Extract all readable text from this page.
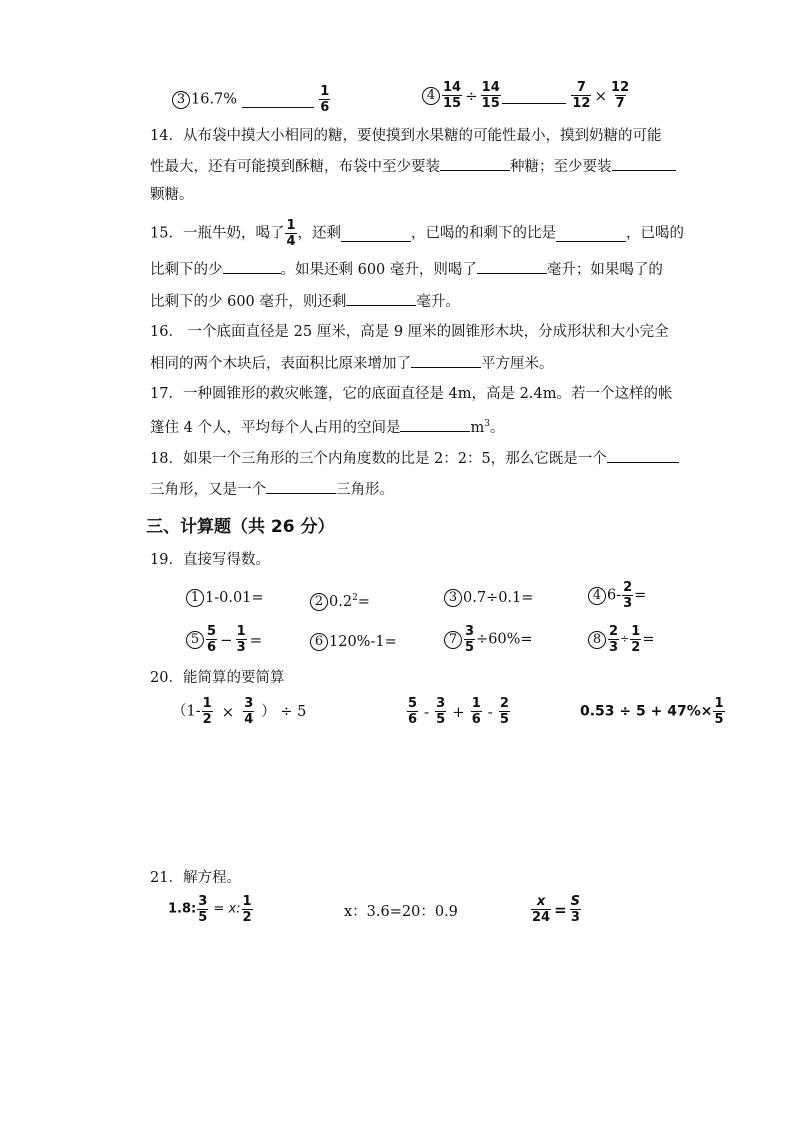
3 16.7%	$\frac{1}{6}$	$4 \frac{14}{15} \div \frac{14}{15}$
	$\frac{7}{12} \times \frac{12}{7}$
14．从布袋中摸大小相同的糖，要使摸到水果糖的可能性最小，摸到奶糖的可能
性最大，还有可能摸到酥糖，布袋中至少要装	种糖；至少要装
颗糖。
15．一瓶牛奶，喝了 $\frac{1}{4}$ ，还剩	，已喝的和剩下的比是	，已喝的
比剩下的少	。如果还剩 600 毫升，则喝了	毫升；如果喝了的
比剩下的少 600 毫升，则还剩	毫升。
16． 一个底面直径是 25 厘米，高是 9 厘米的圆锥形木块，分成形状和大小完全
相同的两个木块后，表面积比原来增加了	平方厘米。
17．一种圆锥形的救灾帐篷，它的底面直径是 4m，高是 2.4m。若一个这样的帐
篷住 4 个人，平均每个人占用的空间是	$m^3$。
18．如果一个三角形的三个内角度数的比是 2：2：5，那么它既是一个
三角形，又是一个	三角形。
三、计算题（共 26 分）
19．直接写得数。
1 1-0.01=	2 $0.2^2=$	3 0.7÷0.1=	4 $6- \frac{2}{3}$ =
$5 \frac{5}{6} - \frac{1}{3}$ =	6 120%-1=	$7 \frac{3}{5} \div 60\%=$	$8 \frac{2}{3} \div \frac{1}{2}$ =
20．能简算的要简算
（$1- \frac{1}{2} \times \frac{3}{4}$ ） ÷ 5	$\frac{5}{6} - \frac{3}{5} + \frac{1}{6} - \frac{2}{5}$	$0.53 \div 5 + 47\%\times \frac{1}{5}$
21．解方程。
1.8: $\frac{3}{5} = x$: $\frac{1}{2}$	x：3.6=20：0.9	$\frac{x}{24} = \frac{S}{3}$
